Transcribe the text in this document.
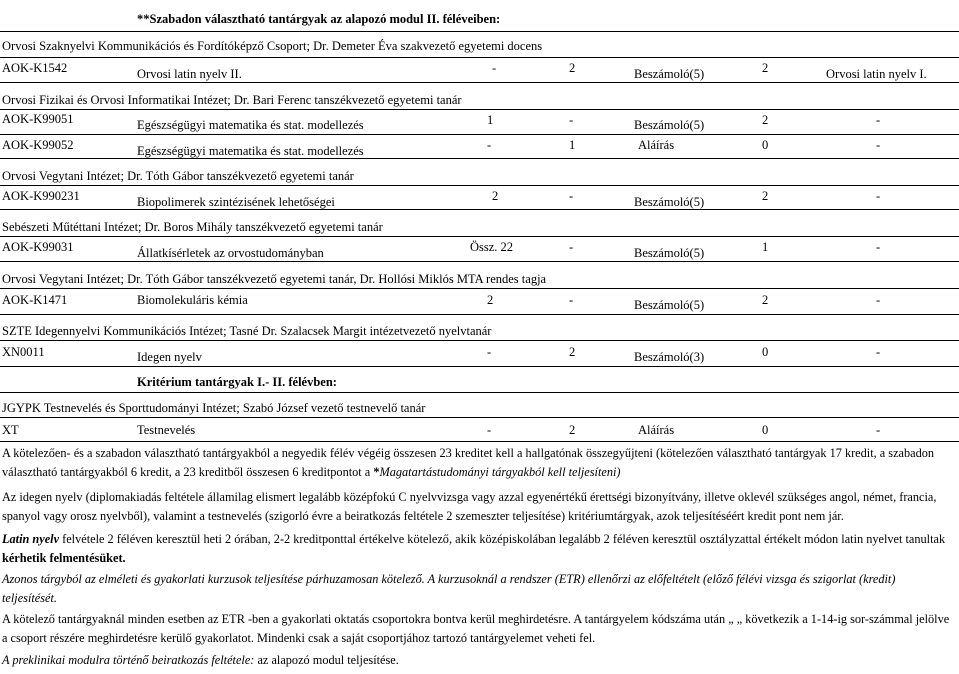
**Szabadon választható tantárgyak az alapozó modul II. féléveiben:
Orvosi Szaknyelvi Kommunikációs és Fordítóképző Csoport; Dr. Demeter Éva szakvezető egyetemi docens
AOK-K1542	Orvosi latin nyelv II.	-	2	Beszámoló(5)	2	Orvosi latin nyelv I.
Orvosi Fizikai és Orvosi Informatikai Intézet; Dr. Bari Ferenc tanszékvezető egyetemi tanár
AOK-K99051	Egészségügyi matematika és stat. modellezés	1	-	Beszámoló(5)	2	-
AOK-K99052	Egészségügyi matematika és stat. modellezés	-	1	Aláírás	0	-
Orvosi Vegytani Intézet; Dr. Tóth Gábor tanszékvezető egyetemi tanár
AOK-K990231	Biopolimerek szintézisének lehetőségei	2	-	Beszámoló(5)	2	-
Sebészeti Műtéttani Intézet; Dr. Boros Mihály tanszékvezető egyetemi tanár
AOK-K99031	Állatkísérletek az orvostudományban	Össz. 22	-	Beszámoló(5)	1	-
Orvosi Vegytani Intézet; Dr. Tóth Gábor tanszékvezető egyetemi tanár, Dr. Hollósi Miklós MTA rendes tagja
AOK-K1471	Biomolekuláris kémia	2	-	Beszámoló(5)	2	-
SZTE Idegennyelvi Kommunikációs Intézet; Tasné Dr. Szalacsek Margit intézetvezető nyelvtanár
XN0011	Idegen nyelv	-	2	Beszámoló(3)	0	-
Kritérium tantárgyak I.- II. félévben:
JGYPK Testnevelés és Sporttudományi Intézet; Szabó József vezető testnevelő tanár
XT	Testnevelés	-	2	Aláírás	0	-
A kötelezően- és a szabadon választható tantárgyakból a negyedik félév végéig összesen 23 kreditet kell a hallgatónak összegyűjteni (kötelezően választható tantárgyak 17 kredit, a szabadon választható tantárgyakból 6 kredit, a 23 kreditből összesen 6 kreditpontot a *Magatartástudományi tárgyakból kell teljesíteni)
Az idegen nyelv (diplomakiadás feltétele államilag elismert legalább középfokú C nyelvvizsga vagy azzal egyenértékű érettségi bizonyítvány, illetve oklevél szükséges angol, német, francia, spanyol vagy orosz nyelvből), valamint a testnevelés (szigorló évre a beiratkozás feltétele 2 szemeszter teljesítése) kritériumtárgyak, azok teljesítéséért kredit pont nem jár.
Latin nyelv felvétele 2 féléven keresztül heti 2 órában, 2-2 kreditponttal értékelve kötelező, akik középiskolában legalább 2 féléven keresztül osztályzattal értékelt módon latin nyelvet tanultak kérhetik felmentésüket.
Azonos tárgyból az elméleti és gyakorlati kurzusok teljesítése párhuzamosan kötelező. A kurzusoknál a rendszer (ETR) ellenőrzi az előfeltételt (előző félévi vizsga és szigorlat (kredit) teljesítését.
A kötelező tantárgyaknál minden esetben az ETR -ben a gyakorlati oktatás csoportokra bontva kerül meghirdetésre. A tantárgyelem kódszáma után „ „ következik a 1-14-ig sor-számmal jelölve a csoport részére meghirdetésre kerülő gyakorlatot. Mindenki csak a saját csoportjához tartozó tantárgyelemet veheti fel.
A preklinikai modulra történő beiratkozás feltétele: az alapozó modul teljesítése.
